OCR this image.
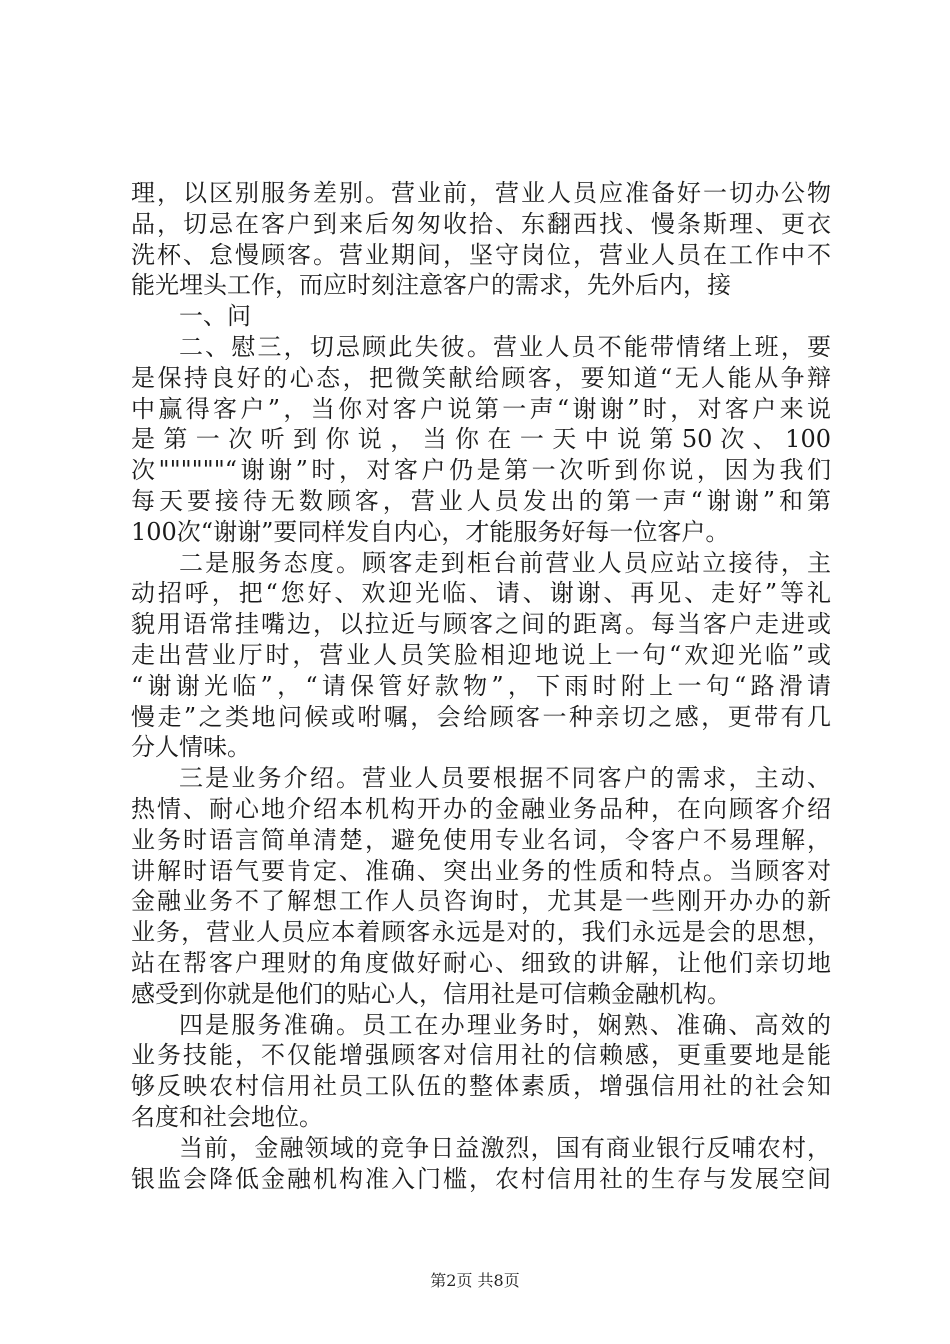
理，以区别服务差别。营业前，营业人员应准备好一切办公物
品，切忌在客户到来后匆匆收拾、东翻西找、慢条斯理、更衣
洗杯、怠慢顾客。营业期间，坚守岗位，营业人员在工作中不
能光埋头工作，而应时刻注意客户的需求，先外后内，接
一、问
二、慰三，切忌顾此失彼。营业人员不能带情绪上班，要
是保持良好的心态，把微笑献给顾客，要知道“无人能从争辩
中赢得客户”，当你对客户说第一声“谢谢”时，对客户来说
是 第 一 次 听 到 你 说 ， 当 你 在 一 天 中 说 第 50 次 、 100
次""""""“谢谢”时，对客户仍是第一次听到你说，因为我们
每天要接待无数顾客，营业人员发出的第一声“谢谢”和第
100次“谢谢”要同样发自内心，才能服务好每一位客户。
二是服务态度。顾客走到柜台前营业人员应站立接待，主
动招呼，把“您好、欢迎光临、请、谢谢、再见、走好”等礼
貌用语常挂嘴边，以拉近与顾客之间的距离。每当客户走进或
走出营业厅时，营业人员笑脸相迎地说上一句“欢迎光临”或
“谢谢光临”，“请保管好款物”，下雨时附上一句“路滑请
慢走”之类地问候或咐嘱，会给顾客一种亲切之感，更带有几
分人情味。
三是业务介绍。营业人员要根据不同客户的需求，主动、
热情、耐心地介绍本机构开办的金融业务品种，在向顾客介绍
业务时语言简单清楚，避免使用专业名词，令客户不易理解，
讲解时语气要肯定、准确、突出业务的性质和特点。当顾客对
金融业务不了解想工作人员咨询时，尤其是一些刚开办办的新
业务，营业人员应本着顾客永远是对的，我们永远是会的思想，
站在帮客户理财的角度做好耐心、细致的讲解，让他们亲切地
感受到你就是他们的贴心人，信用社是可信赖金融机构。
四是服务准确。员工在办理业务时，娴熟、准确、高效的
业务技能，不仅能增强顾客对信用社的信赖感，更重要地是能
够反映农村信用社员工队伍的整体素质，增强信用社的社会知
名度和社会地位。
当前，金融领域的竞争日益激烈，国有商业银行反哺农村，
银监会降低金融机构准入门槛，农村信用社的生存与发展空间
第2页 共8页
